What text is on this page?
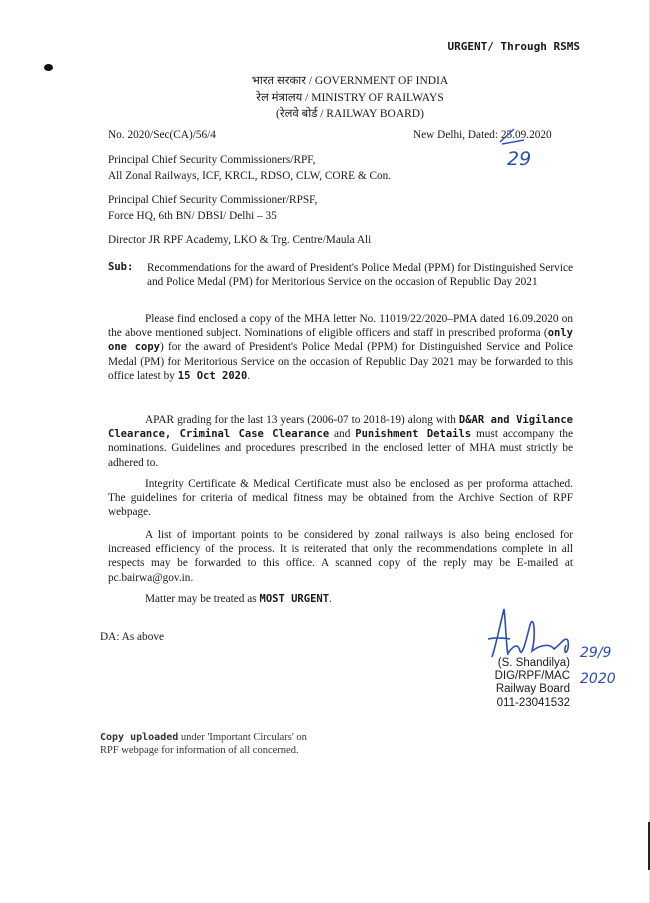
URGENT/ Through RSMS
भारत सरकार / GOVERNMENT OF INDIA
रेल मंत्रालय / MINISTRY OF RAILWAYS
(रेलवे बोर्ड / RAILWAY BOARD)
No. 2020/Sec(CA)/56/4	New Delhi, Dated: 25.09.2020
29
Principal Chief Security Commissioners/RPF,
All Zonal Railways, ICF, KRCL, RDSO, CLW, CORE & Con.
Principal Chief Security Commissioner/RPSF,
Force HQ, 6th BN/ DBSI/ Delhi – 35
Director JR RPF Academy, LKO & Trg. Centre/Maula Ali
Sub: Recommendations for the award of President's Police Medal (PPM) for Distinguished Service and Police Medal (PM) for Meritorious Service on the occasion of Republic Day 2021
Please find enclosed a copy of the MHA letter No. 11019/22/2020–PMA dated 16.09.2020 on the above mentioned subject. Nominations of eligible officers and staff in prescribed proforma (only one copy) for the award of President's Police Medal (PPM) for Distinguished Service and Police Medal (PM) for Meritorious Service on the occasion of Republic Day 2021 may be forwarded to this office latest by 15 Oct 2020.
APAR grading for the last 13 years (2006-07 to 2018-19) along with D&AR and Vigilance Clearance, Criminal Case Clearance and Punishment Details must accompany the nominations. Guidelines and procedures prescribed in the enclosed letter of MHA must strictly be adhered to.
Integrity Certificate & Medical Certificate must also be enclosed as per proforma attached. The guidelines for criteria of medical fitness may be obtained from the Archive Section of RPF webpage.
A list of important points to be considered by zonal railways is also being enclosed for increased efficiency of the process. It is reiterated that only the recommendations complete in all respects may be forwarded to this office. A scanned copy of the reply may be E-mailed at pc.bairwa@gov.in.
Matter may be treated as MOST URGENT.
DA: As above
29/9 2020
(S. Shandilya)
DIG/RPF/MAC
Railway Board
011-23041532
Copy uploaded under 'Important Circulars' on
RPF webpage for information of all concerned.
